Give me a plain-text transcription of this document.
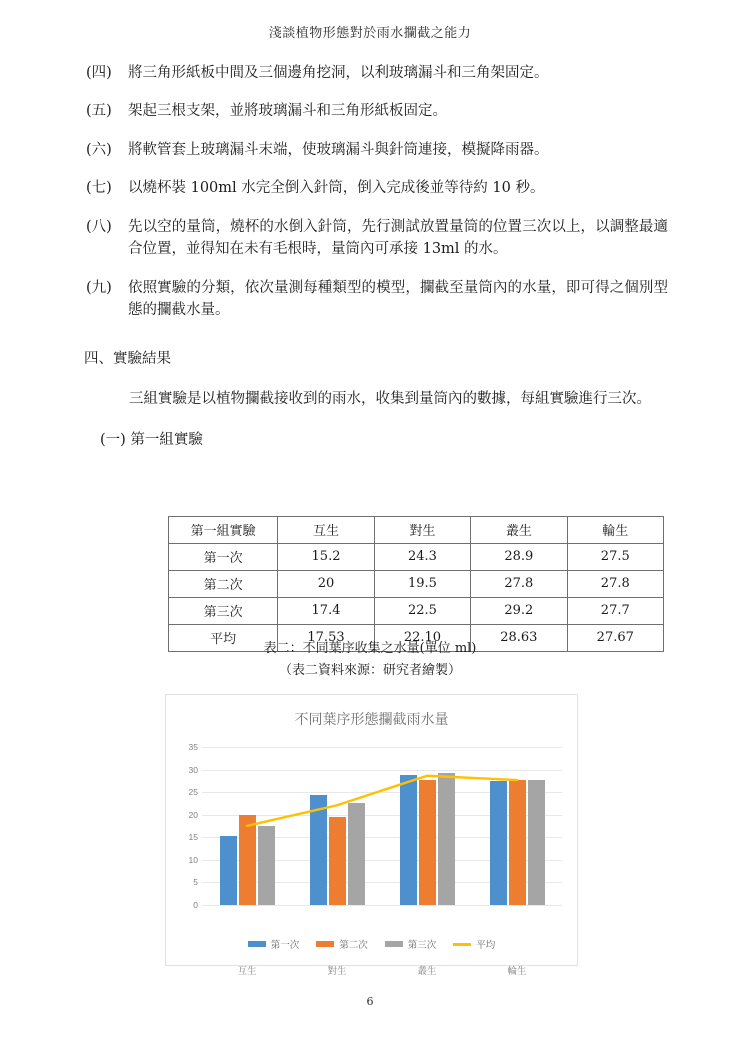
淺談植物形態對於雨水攔截之能力
(四)	將三角形紙板中間及三個邊角挖洞，以利玻璃漏斗和三角架固定。
(五)	架起三根支架，並將玻璃漏斗和三角形紙板固定。
(六)	將軟管套上玻璃漏斗末端，使玻璃漏斗與針筒連接，模擬降雨器。
(七)	以燒杯裝 100ml 水完全倒入針筒，倒入完成後並等待約 10 秒。
(八)	先以空的量筒，燒杯的水倒入針筒，先行測試放置量筒的位置三次以上，以調整最適合位置，並得知在未有毛根時，量筒內可承接 13ml 的水。
(九)	依照實驗的分類，依次量測每種類型的模型，攔截至量筒內的水量，即可得之個別型態的攔截水量。
四、實驗結果
三組實驗是以植物攔截接收到的雨水，收集到量筒內的數據，每組實驗進行三次。
(一) 第一組實驗
第一組實驗	互生	對生	叢生	輪生
第一次	15.2	24.3	28.9	27.5
第二次	20	19.5	27.8	27.8
第三次	17.4	22.5	29.2	27.7
平均	17.53	22.10	28.63	27.67
表二：不同葉序收集之水量(單位 ml)
（表二資料來源：研究者繪製）
不同葉序形態攔截雨水量
0
5
10
15
20
25
30
35
互生	對生	叢生	輪生
第一次	第二次	第三次	平均
6
